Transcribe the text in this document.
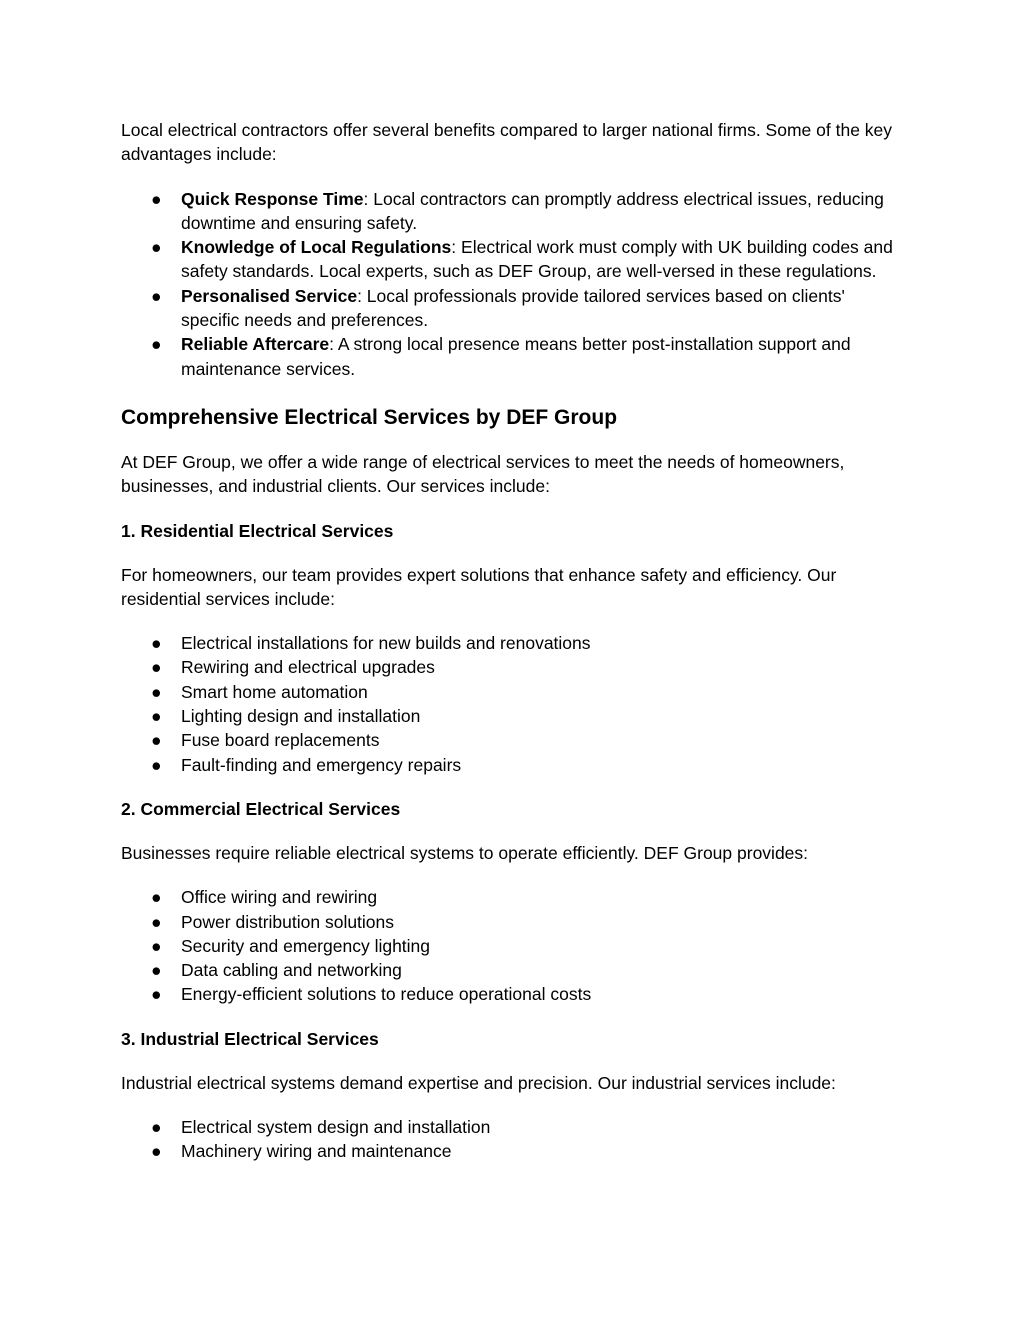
Local electrical contractors offer several benefits compared to larger national firms. Some of the key advantages include:

● Quick Response Time: Local contractors can promptly address electrical issues, reducing downtime and ensuring safety.
● Knowledge of Local Regulations: Electrical work must comply with UK building codes and safety standards. Local experts, such as DEF Group, are well-versed in these regulations.
● Personalised Service: Local professionals provide tailored services based on clients' specific needs and preferences.
● Reliable Aftercare: A strong local presence means better post-installation support and maintenance services.
Comprehensive Electrical Services by DEF Group

At DEF Group, we offer a wide range of electrical services to meet the needs of homeowners, businesses, and industrial clients. Our services include:

1. Residential Electrical Services

For homeowners, our team provides expert solutions that enhance safety and efficiency. Our residential services include:

● Electrical installations for new builds and renovations
● Rewiring and electrical upgrades
● Smart home automation
● Lighting design and installation
● Fuse board replacements
● Fault-finding and emergency repairs
2. Commercial Electrical Services

Businesses require reliable electrical systems to operate efficiently. DEF Group provides:

● Office wiring and rewiring
● Power distribution solutions
● Security and emergency lighting
● Data cabling and networking
● Energy-efficient solutions to reduce operational costs
3. Industrial Electrical Services

Industrial electrical systems demand expertise and precision. Our industrial services include:

● Electrical system design and installation
● Machinery wiring and maintenance
